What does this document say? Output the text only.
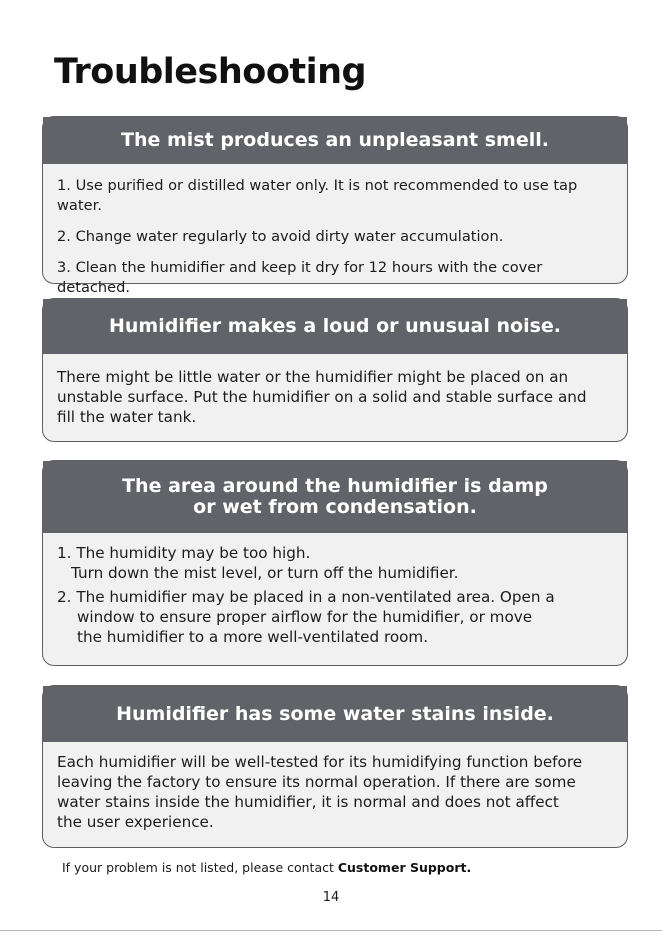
Troubleshooting
The mist produces an unpleasant smell.

1. Use purified or distilled water only. It is not recommended to use tap water.

2. Change water regularly to avoid dirty water accumulation.

3. Clean the humidifier and keep it dry for 12 hours with the cover detached.

Humidifier makes a loud or unusual noise.

There might be little water or the humidifier might be placed on an

unstable surface. Put the humidifier on a solid and stable surface and

fill the water tank.

The area around the humidifier is damp
or wet from condensation.

1. The humidity may be too high.

Turn down the mist level, or turn off the humidifier.

2. The humidifier may be placed in a non-ventilated area. Open a

window to ensure proper airflow for the humidifier, or move

the humidifier to a more well-ventilated room.

Humidifier has some water stains inside.

Each humidifier will be well-tested for its humidifying function before

leaving the factory to ensure its normal operation. If there are some

water stains inside the humidifier, it is normal and does not affect

the user experience.

If your problem is not listed, please contact Customer Support.
14
